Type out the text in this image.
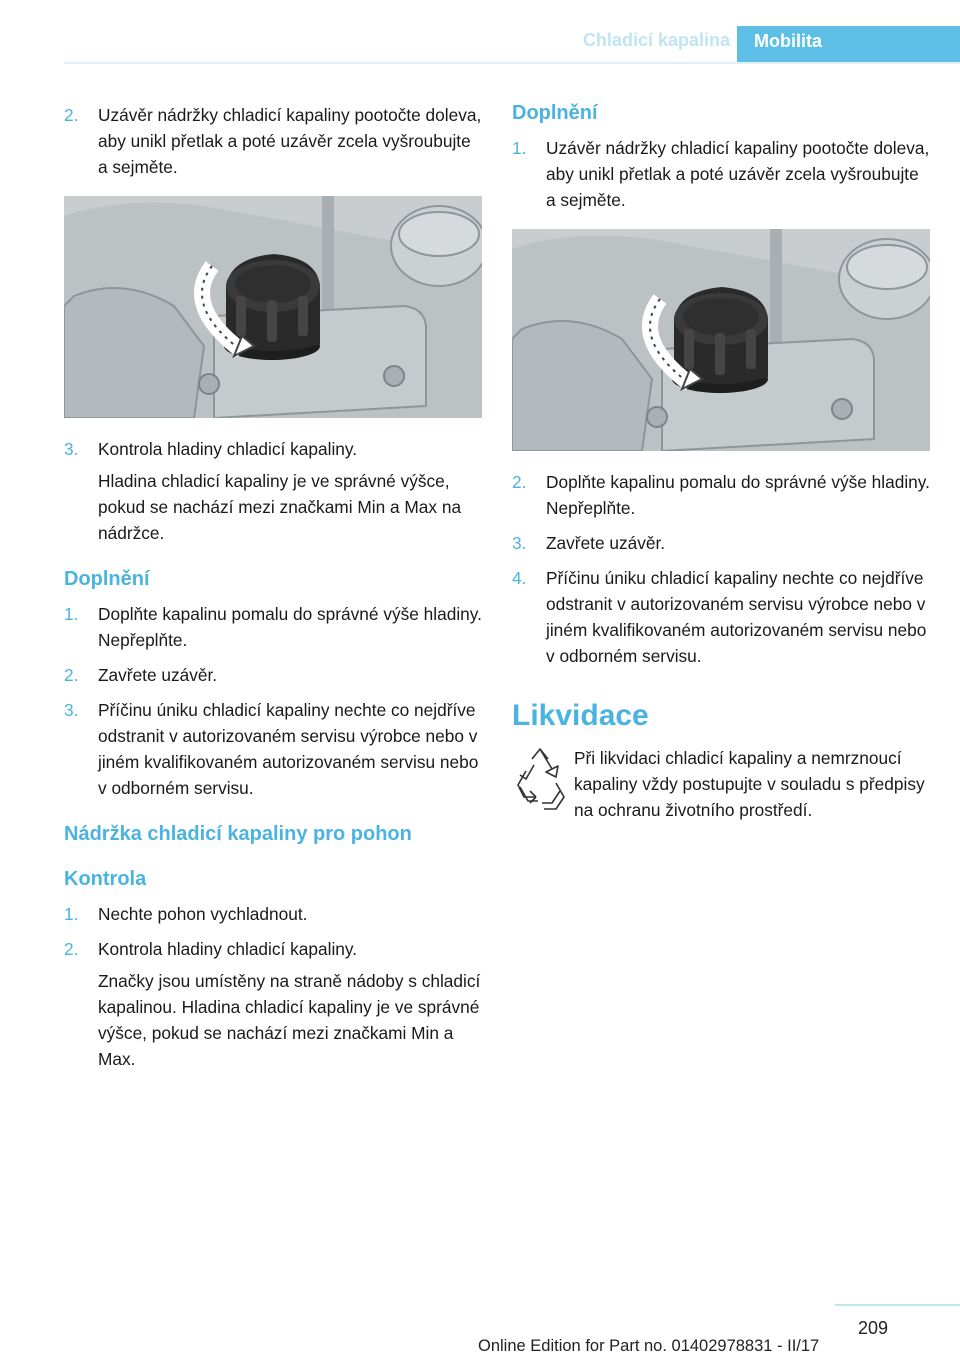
Chladicí kapalina	Mobilita
2. Uzávěr nádržky chladicí kapaliny pootočte doleva, aby unikl přetlak a poté uzávěr zcela vyšroubujte a sejměte.
3. Kontrola hladiny chladicí kapaliny.
Hladina chladicí kapaliny je ve správné výšce, pokud se nachází mezi značkami Min a Max na nádržce.
Doplnění
1. Doplňte kapalinu pomalu do správné výše hladiny. Nepřeplňte.
2. Zavřete uzávěr.
3. Příčinu úniku chladicí kapaliny nechte co nejdříve odstranit v autorizovaném servisu výrobce nebo v jiném kvalifikovaném autorizovaném servisu nebo v odborném servisu.
Nádržka chladicí kapaliny pro pohon
Kontrola
1. Nechte pohon vychladnout.
2. Kontrola hladiny chladicí kapaliny.
Značky jsou umístěny na straně nádoby s chladicí kapalinou. Hladina chladicí kapaliny je ve správné výšce, pokud se nachází mezi značkami Min a Max.
Doplnění
1. Uzávěr nádržky chladicí kapaliny pootočte doleva, aby unikl přetlak a poté uzávěr zcela vyšroubujte a sejměte.
2. Doplňte kapalinu pomalu do správné výše hladiny. Nepřeplňte.
3. Zavřete uzávěr.
4. Příčinu úniku chladicí kapaliny nechte co nejdříve odstranit v autorizovaném servisu výrobce nebo v jiném kvalifikovaném autorizovaném servisu nebo v odborném servisu.
Likvidace
Při likvidaci chladicí kapaliny a nemrznoucí kapaliny vždy postupujte v souladu s předpisy na ochranu životního prostředí.
209
Online Edition for Part no. 01402978831 - II/17
